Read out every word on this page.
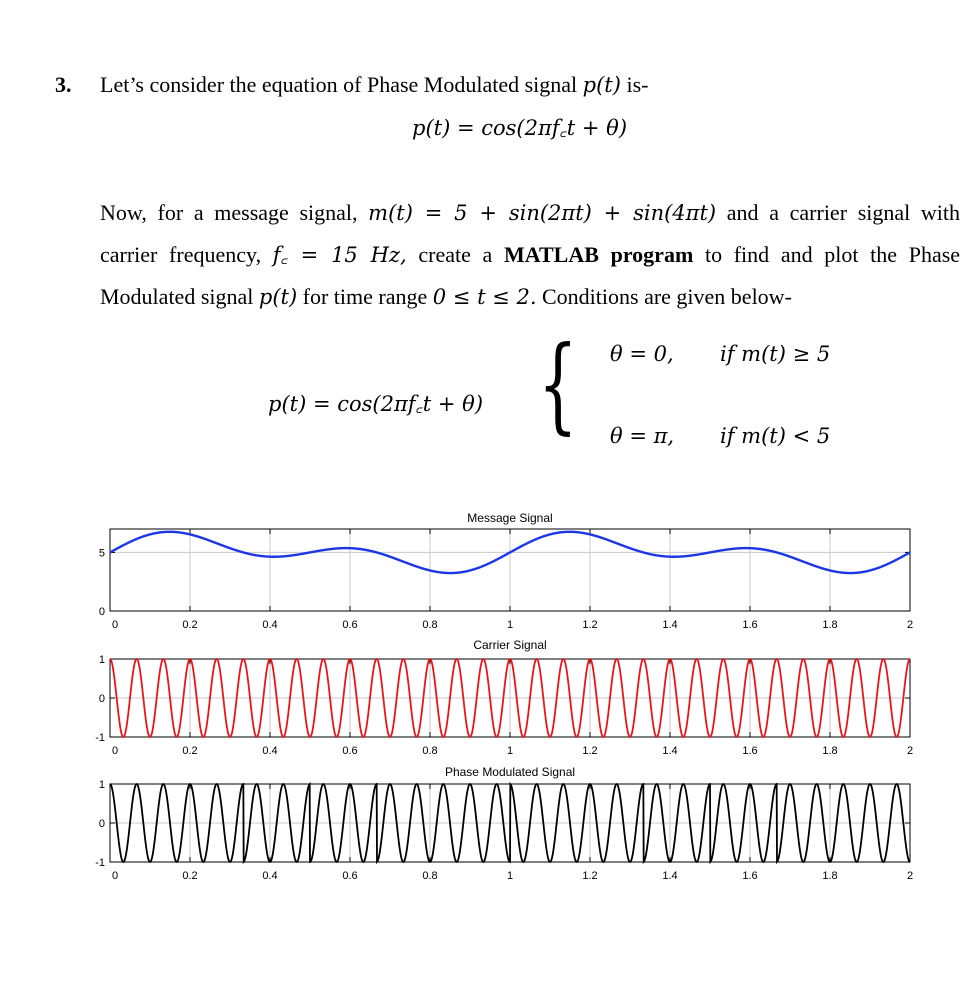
3. Let’s consider the equation of Phase Modulated signal p(t) is-
p(t) = cos(2πf꜀t + θ)

Now, for a message signal, m(t) = 5 + sin(2πt) + sin(4πt) and a carrier signal with

carrier frequency, f꜀ = 15 Hz, create a MATLAB program to find and plot the Phase

Modulated signal p(t) for time range 0 ≤ t ≤ 2. Conditions are given below-

p(t) = cos(2πf꜀t + θ) { θ = 0, if m(t) ≥ 5
θ = π, if m(t) < 5
0	0.2	0.4	0.6	0.8	1	1.2	1.4	1.6	1.8	2
0
5
Message Signal
0	0.2	0.4	0.6	0.8	1	1.2	1.4	1.6	1.8	2
-1
0
1
Carrier Signal
0	0.2	0.4	0.6	0.8	1	1.2	1.4	1.6	1.8	2
-1
0
1
Phase Modulated Signal
